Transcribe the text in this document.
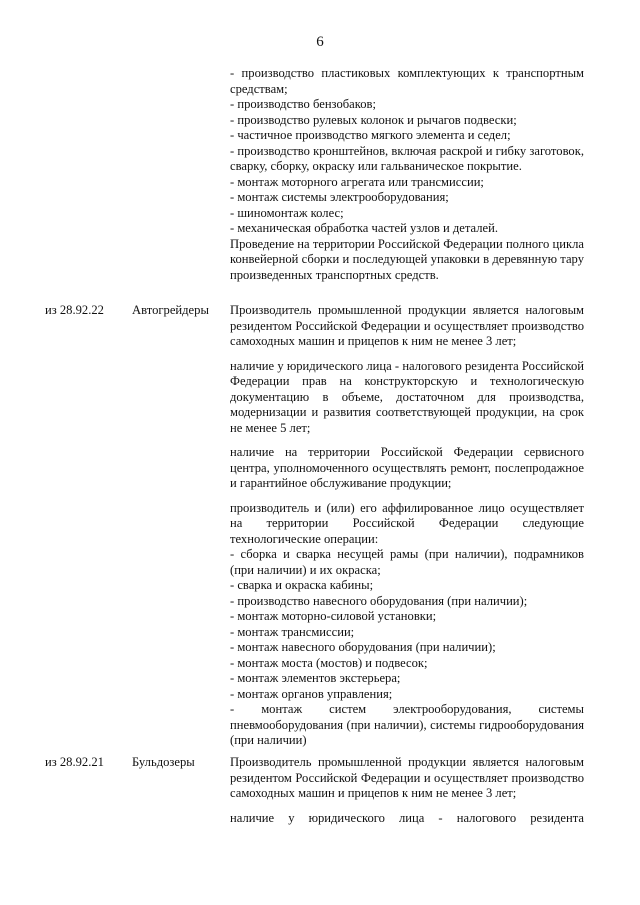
6
- производство пластиковых комплектующих к транспортным средствам;
- производство бензобаков;
- производство рулевых колонок и рычагов подвески;
- частичное производство мягкого элемента и седел;
- производство кронштейнов, включая раскрой и гибку заготовок, сварку, сборку, окраску или гальваническое покрытие.
- монтаж моторного агрегата или трансмиссии;
- монтаж системы электрооборудования;
- шиномонтаж колес;
- механическая обработка частей узлов и деталей.
Проведение на территории Российской Федерации полного цикла конвейерной сборки и последующей упаковки в деревянную тару произведенных транспортных средств.
из 28.92.22 Автогрейдеры Производитель промышленной продукции является налоговым резидентом Российской Федерации и осуществляет производство самоходных машин и прицепов к ним не менее 3 лет;
наличие у юридического лица - налогового резидента Российской Федерации прав на конструкторскую и технологическую документацию в объеме, достаточном для производства, модернизации и развития соответствующей продукции, на срок не менее 5 лет;
наличие на территории Российской Федерации сервисного центра, уполномоченного осуществлять ремонт, послепродажное и гарантийное обслуживание продукции;
производитель и (или) его аффилированное лицо осуществляет на территории Российской Федерации следующие технологические операции:
- сборка и сварка несущей рамы (при наличии), подрамников (при наличии) и их окраска;
- сварка и окраска кабины;
- производство навесного оборудования (при наличии);
- монтаж моторно-силовой установки;
- монтаж трансмиссии;
- монтаж навесного оборудования (при наличии);
- монтаж моста (мостов) и подвесок;
- монтаж элементов экстерьера;
- монтаж органов управления;
- монтаж систем электрооборудования, системы пневмооборудования (при наличии), системы гидрооборудования (при наличии)
из 28.92.21 Бульдозеры	Производитель промышленной продукции является налоговым резидентом Российской Федерации и осуществляет производство самоходных машин и прицепов к ним не менее 3 лет;
наличие у юридического лица - налогового резидента
